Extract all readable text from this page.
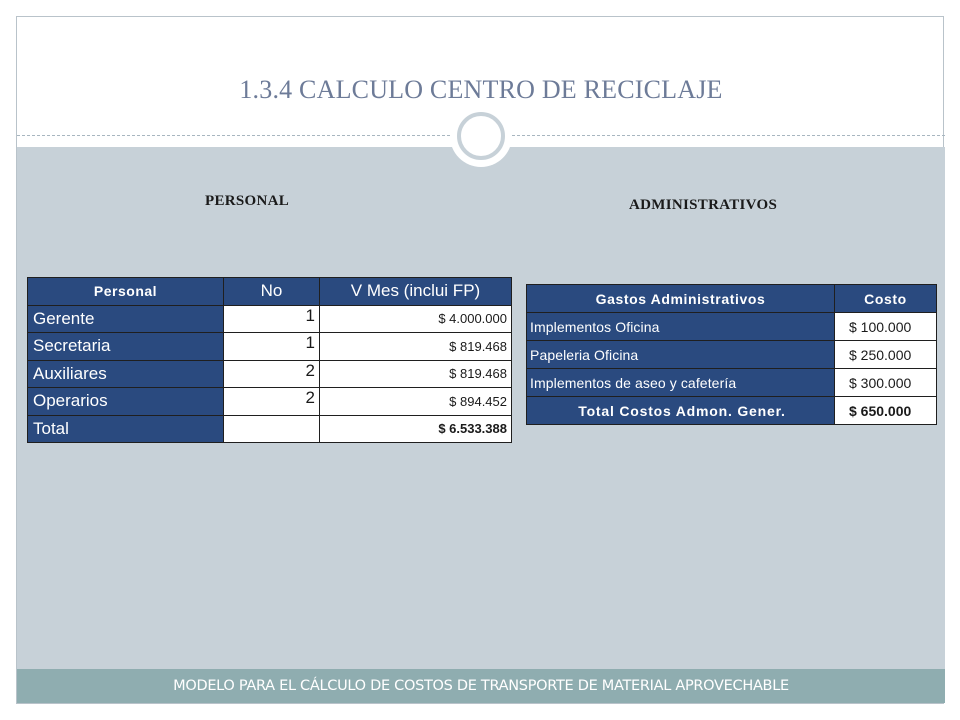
1.3.4 CALCULO CENTRO DE RECICLAJE
PERSONAL	ADMINISTRATIVOS
Personal	No	V Mes (inclui FP)
Gerente	1	$ 4.000.000
Secretaria	1	$ 819.468
Auxiliares	2	$ 819.468
Operarios	2	$ 894.452
Total		$ 6.533.388
Gastos Administrativos	Costo
Implementos Oficina	$ 100.000
Papeleria Oficina	$ 250.000
Implementos de aseo y cafetería	$ 300.000
Total Costos Admon. Gener.	$ 650.000
MODELO PARA EL CÁLCULO DE COSTOS DE TRANSPORTE DE MATERIAL APROVECHABLE
